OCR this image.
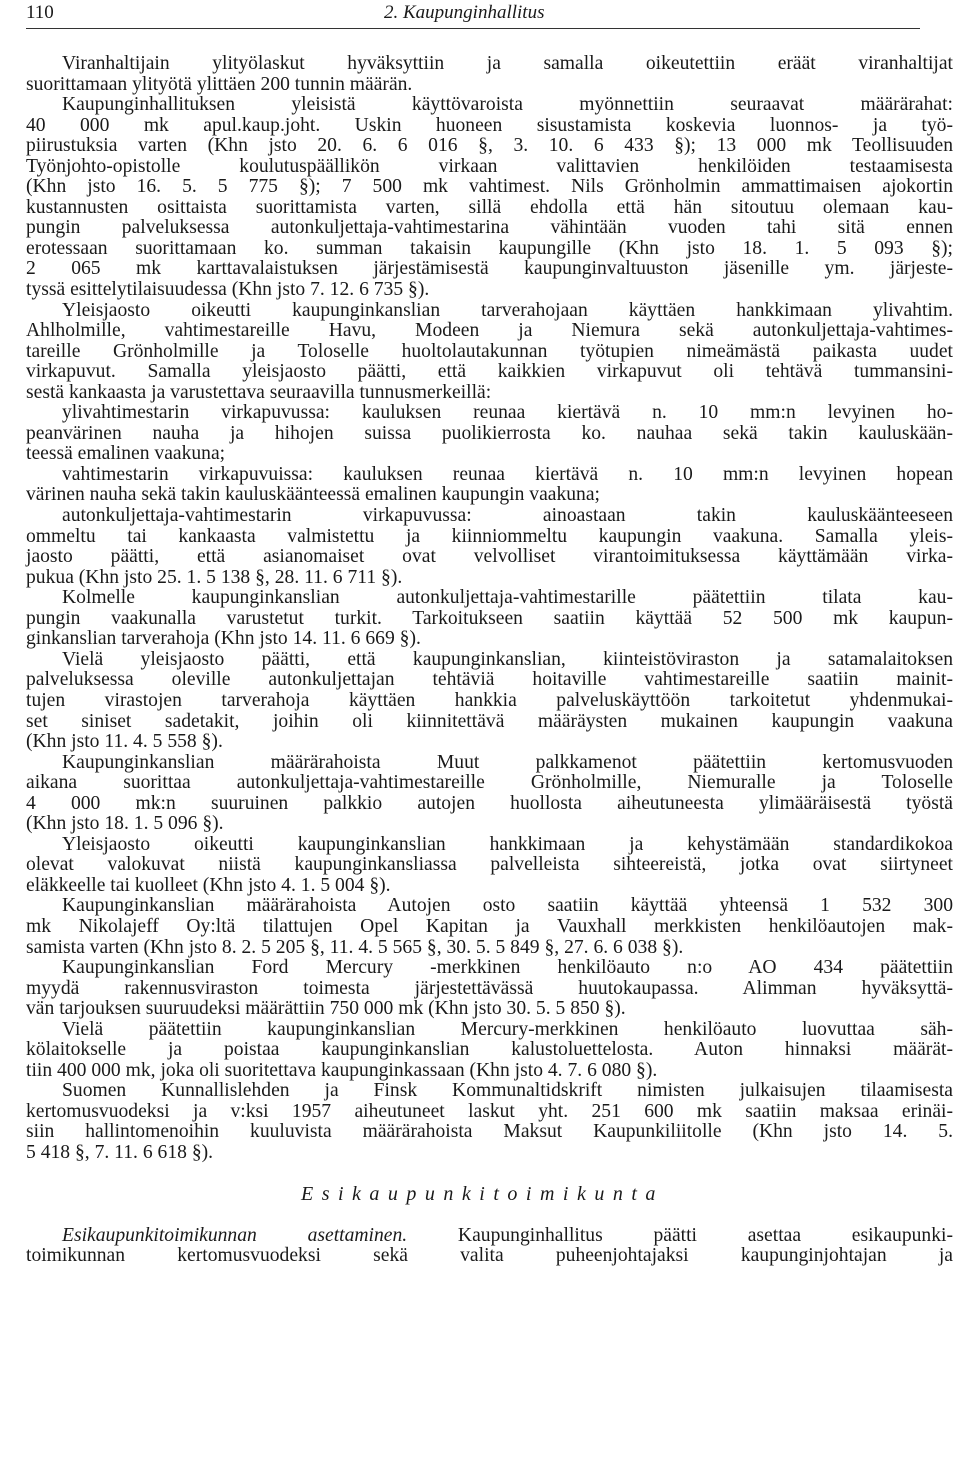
110	2. Kaupunginhallitus
Viranhaltijain ylityölaskut hyväksyttiin ja samalla oikeutettiin eräät viranhaltijat
suorittamaan ylityötä ylittäen 200 tunnin määrän.
Kaupunginhallituksen yleisistä käyttövaroista myönnettiin seuraavat määrärahat:
40 000 mk apul.kaup.joht. Uskin huoneen sisustamista koskevia luonnos- ja työ-
piirustuksia varten (Khn jsto 20. 6. 6 016 §, 3. 10. 6 433 §); 13 000 mk Teollisuuden
Työnjohto-opistolle koulutuspäällikön virkaan valittavien henkilöiden testaamisesta
(Khn jsto 16. 5. 5 775 §); 7 500 mk vahtimest. Nils Grönholmin ammattimaisen ajokortin
kustannusten osittaista suorittamista varten, sillä ehdolla että hän sitoutuu olemaan kau-
pungin palveluksessa autonkuljettaja-vahtimestarina vähintään vuoden tahi sitä ennen
erotessaan suorittamaan ko. summan takaisin kaupungille (Khn jsto 18. 1. 5 093 §);
2 065 mk karttavalaistuksen järjestämisestä kaupunginvaltuuston jäsenille ym. järjeste-
tyssä esittelytilaisuudessa (Khn jsto 7. 12. 6 735 §).
Yleisjaosto oikeutti kaupunginkanslian tarverahojaan käyttäen hankkimaan ylivahtim.
Ahlholmille, vahtimestareille Havu, Modeen ja Niemura sekä autonkuljettaja-vahtimes-
tareille Grönholmille ja Toloselle huoltolautakunnan työtupien nimeämästä paikasta uudet
virkapuvut. Samalla yleisjaosto päätti, että kaikkien virkapuvut oli tehtävä tummansini-
sestä kankaasta ja varustettava seuraavilla tunnusmerkeillä:
ylivahtimestarin virkapuvussa: kauluksen reunaa kiertävä n. 10 mm:n levyinen ho-
peanvärinen nauha ja hihojen suissa puolikierrosta ko. nauhaa sekä takin kauluskään-
teessä emalinen vaakuna;
vahtimestarin virkapuvuissa: kauluksen reunaa kiertävä n. 10 mm:n levyinen hopean
värinen nauha sekä takin kauluskäänteessä emalinen kaupungin vaakuna;
autonkuljettaja-vahtimestarin virkapuvussa: ainoastaan takin kauluskäänteeseen
ommeltu tai kankaasta valmistettu ja kiinniommeltu kaupungin vaakuna. Samalla yleis-
jaosto päätti, että asianomaiset ovat velvolliset virantoimituksessa käyttämään virka-
pukua (Khn jsto 25. 1. 5 138 §, 28. 11. 6 711 §).
Kolmelle kaupunginkanslian autonkuljettaja-vahtimestarille päätettiin tilata kau-
pungin vaakunalla varustetut turkit. Tarkoitukseen saatiin käyttää 52 500 mk kaupun-
ginkanslian tarverahoja (Khn jsto 14. 11. 6 669 §).
Vielä yleisjaosto päätti, että kaupunginkanslian, kiinteistöviraston ja satamalaitoksen
palveluksessa oleville autonkuljettajan tehtäviä hoitaville vahtimestareille saatiin mainit-
tujen virastojen tarverahoja käyttäen hankkia palveluskäyttöön tarkoitetut yhdenmukai-
set siniset sadetakit, joihin oli kiinnitettävä määräysten mukainen kaupungin vaakuna
(Khn jsto 11. 4. 5 558 §).
Kaupunginkanslian määrärahoista Muut palkkamenot päätettiin kertomusvuoden
aikana suorittaa autonkuljettaja-vahtimestareille Grönholmille, Niemuralle ja Toloselle
4 000 mk:n suuruinen palkkio autojen huollosta aiheutuneesta ylimääräisestä työstä
(Khn jsto 18. 1. 5 096 §).
Yleisjaosto oikeutti kaupunginkanslian hankkimaan ja kehystämään standardikokoa
olevat valokuvat niistä kaupunginkansliassa palvelleista sihteereistä, jotka ovat siirtyneet
eläkkeelle tai kuolleet (Khn jsto 4. 1. 5 004 §).
Kaupunginkanslian määrärahoista Autojen osto saatiin käyttää yhteensä 1 532 300
mk Nikolajeff Oy:ltä tilattujen Opel Kapitan ja Vauxhall merkkisten henkilöautojen mak-
samista varten (Khn jsto 8. 2. 5 205 §, 11. 4. 5 565 §, 30. 5. 5 849 §, 27. 6. 6 038 §).
Kaupunginkanslian Ford Mercury -merkkinen henkilöauto n:o AO 434 päätettiin
myydä rakennusviraston toimesta järjestettävässä huutokaupassa. Alimman hyväksyttä-
vän tarjouksen suuruudeksi määrättiin 750 000 mk (Khn jsto 30. 5. 5 850 §).
Vielä päätettiin kaupunginkanslian Mercury-merkkinen henkilöauto luovuttaa säh-
kölaitokselle ja poistaa kaupunginkanslian kalustoluettelosta. Auton hinnaksi määrät-
tiin 400 000 mk, joka oli suoritettava kaupunginkassaan (Khn jsto 4. 7. 6 080 §).
Suomen Kunnallislehden ja Finsk Kommunaltidskrift nimisten julkaisujen tilaamisesta
kertomusvuodeksi ja v:ksi 1957 aiheutuneet laskut yht. 251 600 mk saatiin maksaa erinäi-
siin hallintomenoihin kuuluvista määrärahoista Maksut Kaupunkiliitolle (Khn jsto 14. 5.
5 418 §, 7. 11. 6 618 §).
Esikaupunkitoimikunta
Esikaupunkitoimikunnan asettaminen. Kaupunginhallitus päätti asettaa esikaupunki-
toimikunnan kertomusvuodeksi sekä valita puheenjohtajaksi kaupunginjohtajan ja
